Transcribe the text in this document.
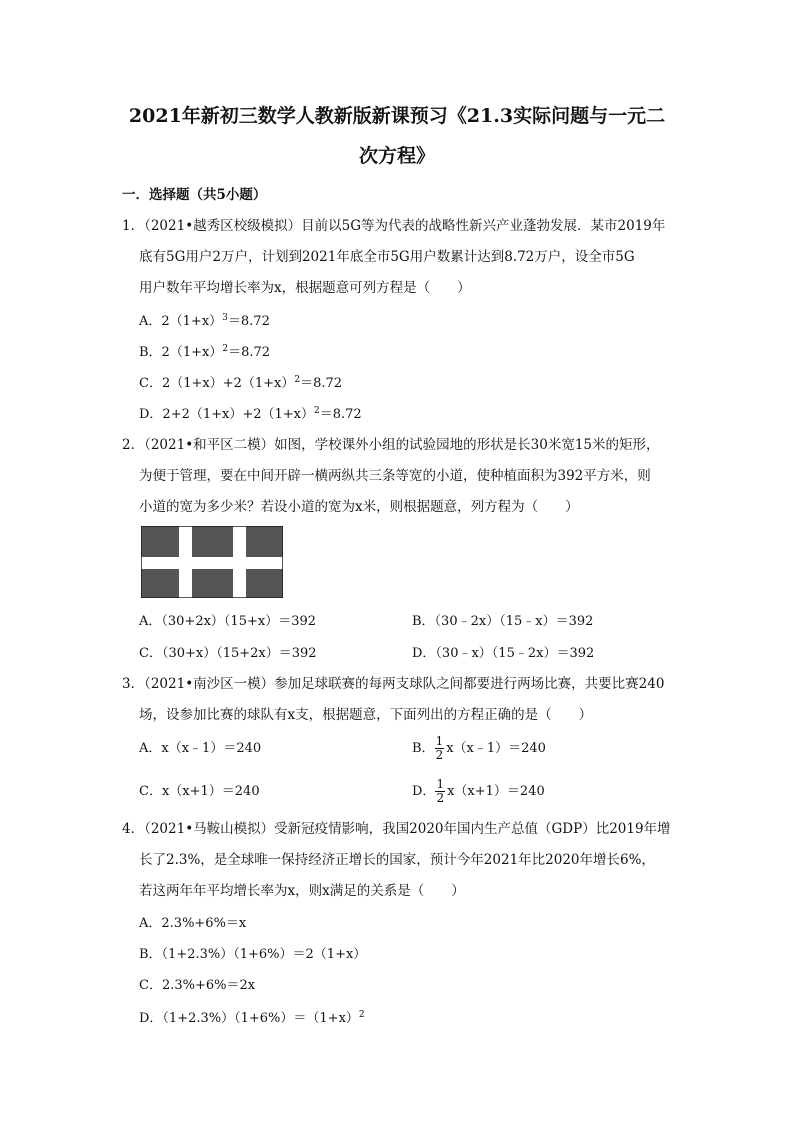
2021年新初三数学人教新版新课预习《21.3实际问题与一元二
次方程》
一．选择题（共5小题）
1．（2021•越秀区校级模拟）目前以5G等为代表的战略性新兴产业蓬勃发展．某市2019年
底有5G用户2万户，计划到2021年底全市5G用户数累计达到8.72万户，设全市5G
用户数年平均增长率为x，根据题意可列方程是（　　）
A．$2(1+x)^3=8.72$
B．$2(1+x)^2=8.72$
C．$2(1+x)+2(1+x)^2=8.72$
D．$2+2(1+x)+2(1+x)^2=8.72$
2．（2021•和平区二模）如图，学校课外小组的试验园地的形状是长30米宽15米的矩形，
为便于管理，要在中间开辟一横两纵共三条等宽的小道，使种植面积为392平方米，则
小道的宽为多少米？若设小道的宽为x米，则根据题意，列方程为（　　）
A．（30+2x）（15+x）＝392	B．（30﹣2x）（15﹣x）＝392
C．（30+x）（15+2x）＝392	D．（30﹣x）（15﹣2x）＝392
3．（2021•南沙区一模）参加足球联赛的每两支球队之间都要进行两场比赛，共要比赛240
场，设参加比赛的球队有x支，根据题意，下面列出的方程正确的是（　　）
A．x（x﹣1）＝240	B． $\frac{1}{2}$ x（x﹣1）＝240
C．x（x+1）＝240	D． $\frac{1}{2} x(x+1)=240$
4．（2021•马鞍山模拟）受新冠疫情影响，我国2020年国内生产总值（GDP）比2019年增
长了2.3%，是全球唯一保持经济正增长的国家，预计今年2021年比2020年增长6%，
若这两年年平均增长率为x，则x满足的关系是（　　）
A．2.3%+6%＝x
B．（1+2.3%）（1+6%）＝2（1+x）
C．2.3%+6%＝2x
D．$(1+2.3\%)(1+6\%)=(1+x)^2$
